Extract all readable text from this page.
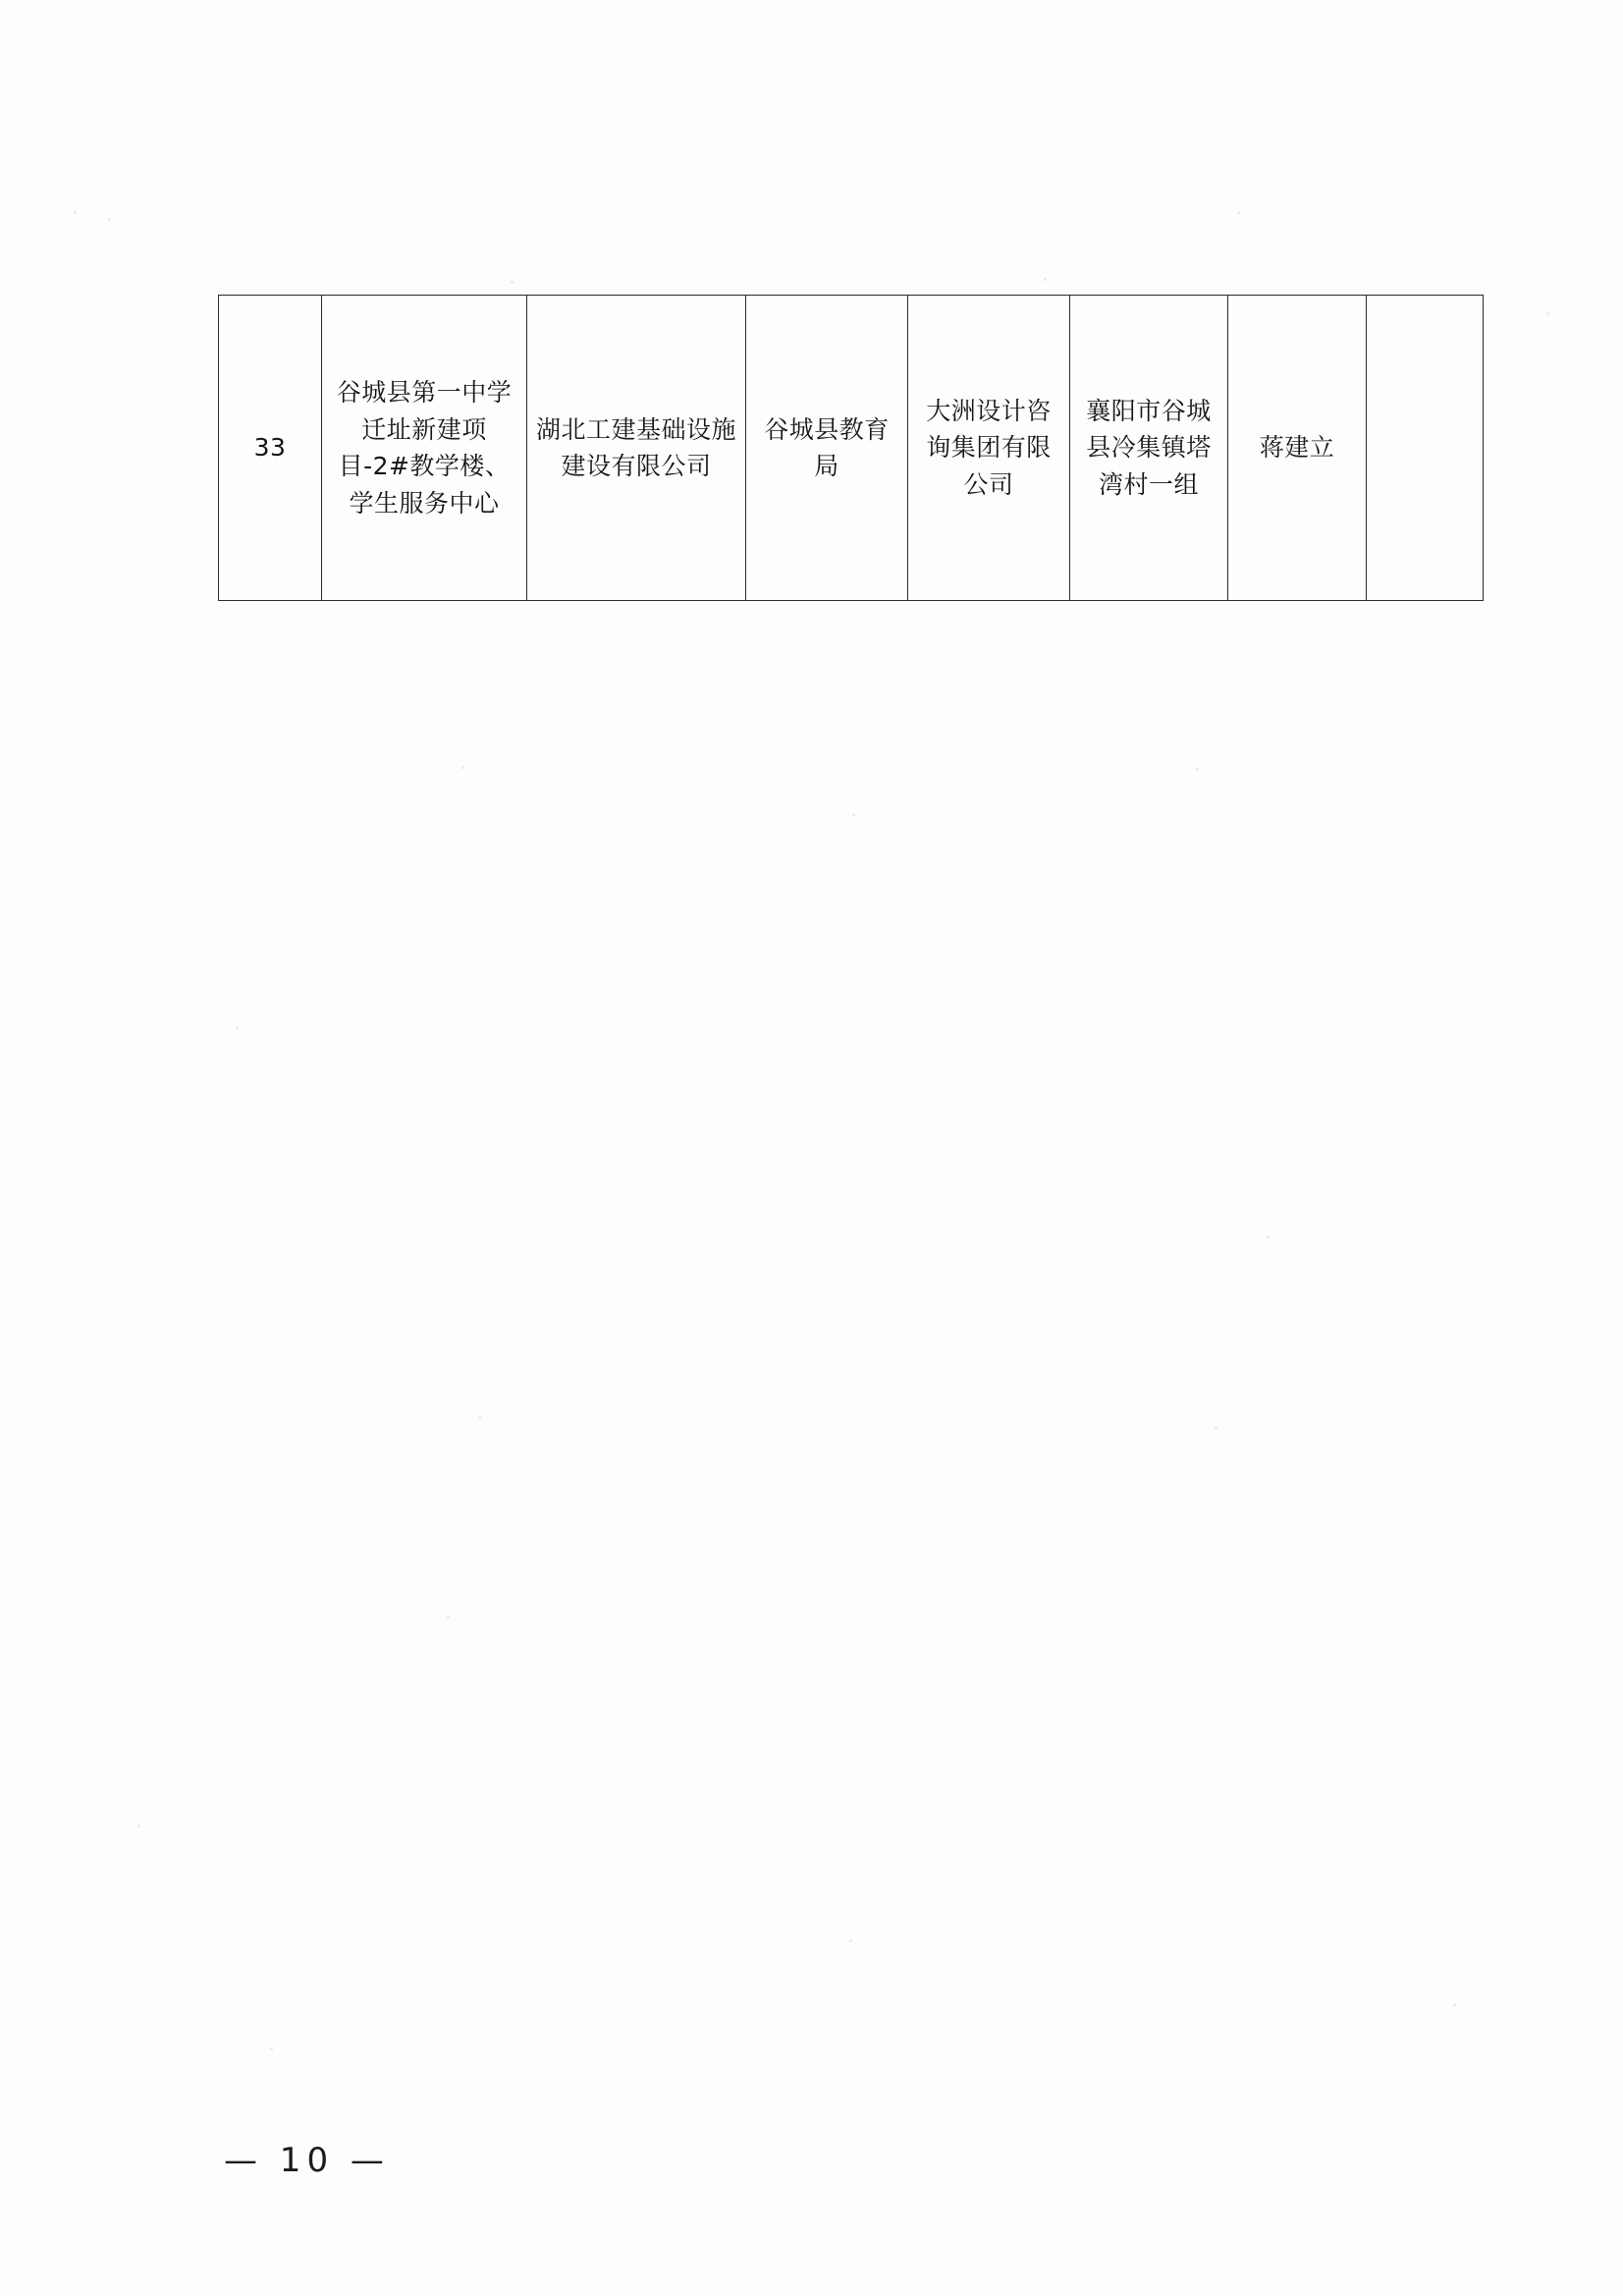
33	谷城县第一中学迁址新建项目-2#教学楼、学生服务中心	湖北工建基础设施建设有限公司	谷城县教育局	大洲设计咨询集团有限公司	襄阳市谷城县冷集镇塔湾村一组	蒋建立	
— 10 —
